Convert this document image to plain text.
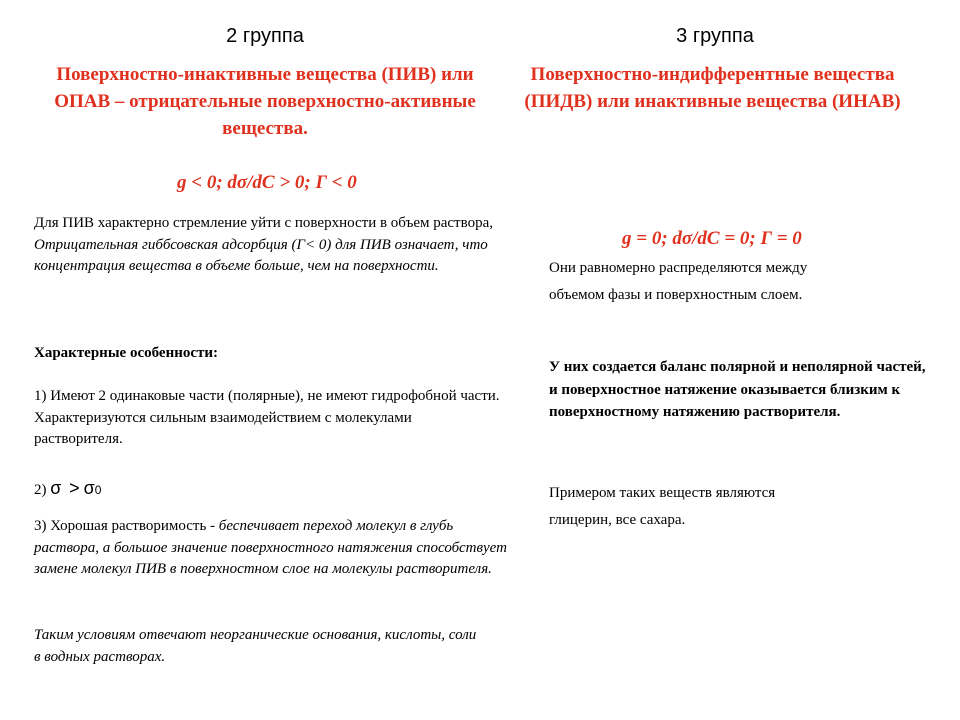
2 группа
Поверхностно-инактивные вещества (ПИВ) или ОПАВ – отрицательные поверхностно-активные вещества.
g < 0; dσ/dC > 0; Г < 0
Для ПИВ характерно стремление уйти с поверхности в объем раствора, Отрицательная гиббсовская адсорбция (Г< 0) для ПИВ означает, что концентрация вещества в объеме больше, чем на поверхности.
Характерные особенности:
1) Имеют 2 одинаковые части (полярные), не имеют гидрофобной части. Характеризуются сильным взаимодействием с молекулами растворителя.
2) σ > σ0
3) Хорошая растворимость - беспечивает переход молекул в глубь раствора, а большое значение поверхностного натяжения способствует замене молекул ПИВ в поверхностном слое на молекулы растворителя.
Таким условиям отвечают неорганические основания, кислоты, соли в водных растворах.
3 группа
Поверхностно-индифферентные вещества (ПИДВ) или инактивные вещества (ИНАВ)
g = 0; dσ/dC = 0; Г = 0
Они равномерно распределяются между объемом фазы и поверхностным слоем.
У них создается баланс полярной и неполярной частей, и поверхностное натяжение оказывается близким к поверхностному натяжению растворителя.
Примером таких веществ являются глицерин, все сахара.
